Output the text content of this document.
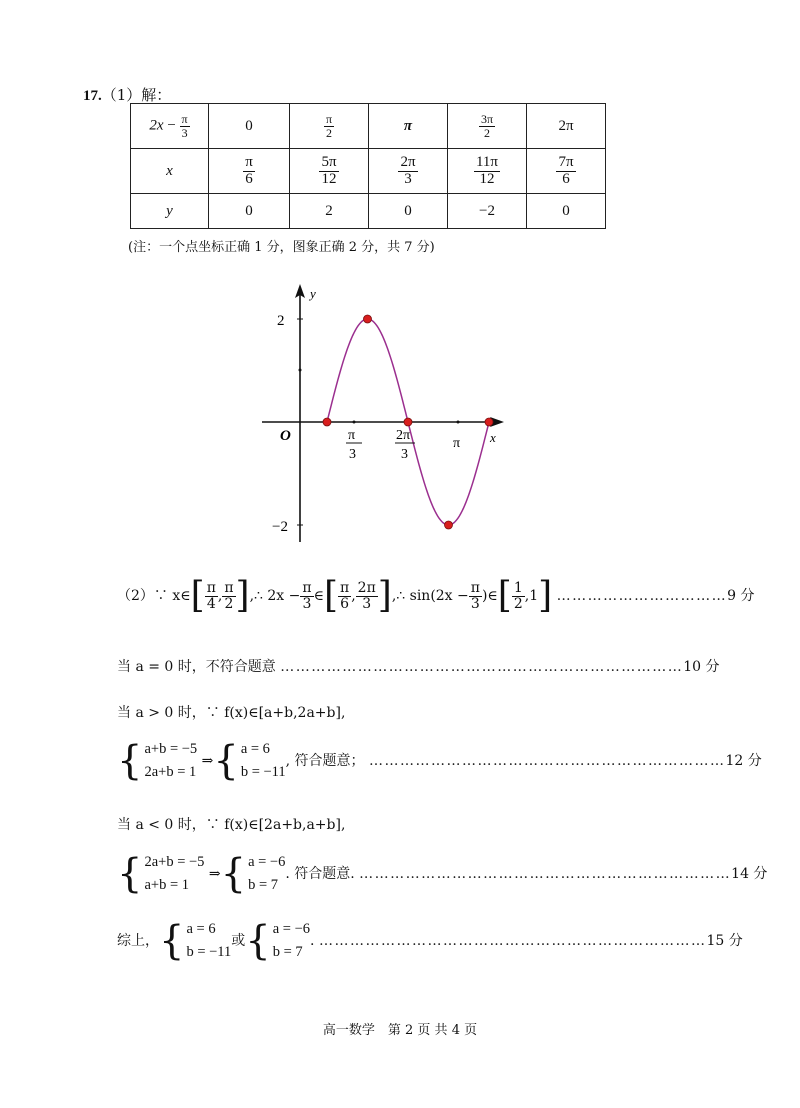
17.（1）解：
$2x - \frac{\pi}{3}$	0	$\frac{\pi}{2}$	π	$\frac{3\pi}{2}$	2π
x	$\frac{\pi}{6}$	$\frac{5\pi}{12}$	$\frac{2\pi}{3}$	$\frac{11\pi}{12}$	$\frac{7\pi}{6}$

y	0	2	0	−2	0
(注：一个点坐标正确 1 分，图象正确 2 分，共 7 分)
y
x
O
2
−2
π
3
2π
3
π
（2）∵ x∈[ $\frac{\pi}{4}$ , $\frac{\pi}{2}$ ],∴ $2x - \frac{\pi}{3}$ ∈[ $\frac{\pi}{6}$ , $\frac{2\pi}{3}$ ],∴ $\sin(2x - \frac{\pi}{3}$ )∈[ $\frac{1}{2} ,1$] ……………………………9 分
当 a = 0 时，不符合题意 ……………………………………………………………………10 分
当 a > 0 时，∵ f(x)∈[a+b,2a+b],
{ a+b = −5
2a+b = 1
⇒{ a = 6
b = −11
, 符合题意； ……………………………………………………………12 分
当 a < 0 时，∵ f(x)∈[2a+b,a+b],
{ 2a+b = −5
a+b = 1
⇒{ a = −6
b = 7
. 符合题意. ………………………………………………………………14 分
综上，{ a = 6
b = −11
或{ a = −6
b = 7
. …………………………………………………………………15 分
高一数学　第 2 页 共 4 页
